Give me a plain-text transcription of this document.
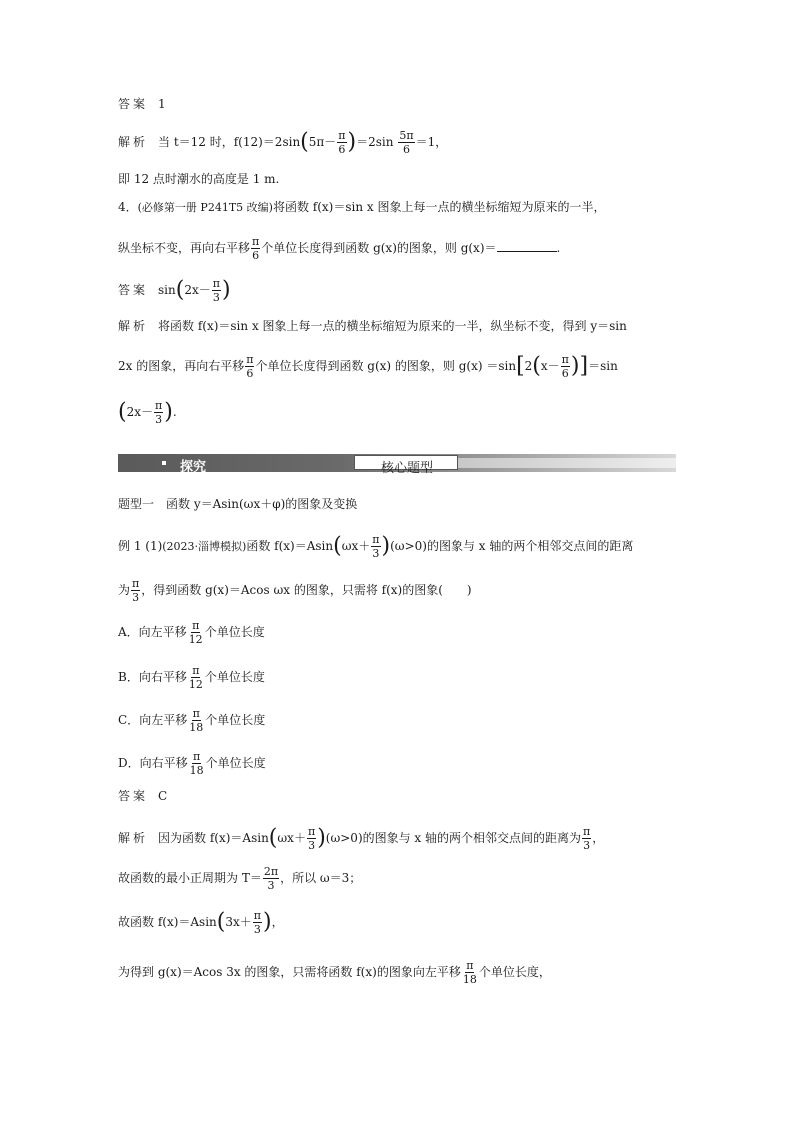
答案 1
解析 当 t＝12 时，$f(12)=2\sin(5\pi- \frac{\pi}{6} )=2\sin \frac{5\pi}{6} =1$，
即 12 点时潮水的高度是 1 m.
4．(必修第一册 P241T5 改编)将函数 f(x)＝sin x 图象上每一点的横坐标缩短为原来的一半，
纵坐标不变，再向右平移 $\frac{\pi}{6}$ 个单位长度得到函数 g(x)的图象，则 g(x)＝	.
答案 $\sin(2x- \frac{\pi}{3}$ )
解析 将函数 f(x)＝sin x 图象上每一点的横坐标缩短为原来的一半，纵坐标不变，得到 y＝sin
2x 的图象，再向右平移 $\frac{\pi}{6}$ 个单位长度得到函数 g(x) 的图象，则 $g(x) =\sin[2(x- \frac{\pi}{6} )]=\sin$
($2x- \frac{\pi}{3}$ ).
探究	核心题型
题型一　函数 y＝Asin(ωx＋φ)的图象及变换
例 1 (1)(2023·淄博模拟)函数 $f(x)=Asin(\omega x+ \frac{\pi}{3} )(\omega>0)$的图象与 x 轴的两个相邻交点间的距离
为 $\frac{\pi}{3}$ ，得到函数 g(x)＝Acos ωx 的图象，只需将 f(x)的图象(　　)
A．向左平移 $\frac{\pi}{12}$ 个单位长度
B．向右平移 $\frac{\pi}{12}$ 个单位长度
C．向左平移 $\frac{\pi}{18}$ 个单位长度
D．向右平移 $\frac{\pi}{18}$ 个单位长度
答案 C
解析 因为函数 $f(x)=Asin(\omega x+ \frac{\pi}{3} )(\omega>0)$的图象与 x 轴的两个相邻交点间的距离为 $\frac{\pi}{3}$ ，
故函数的最小正周期为 $T= \frac{2\pi}{3}$ ，所以 ω＝3；
故函数 $f(x)=Asin(3x+ \frac{\pi}{3}$ )，
为得到 g(x)＝Acos 3x 的图象，只需将函数 f(x)的图象向左平移 $\frac{\pi}{18}$ 个单位长度，
